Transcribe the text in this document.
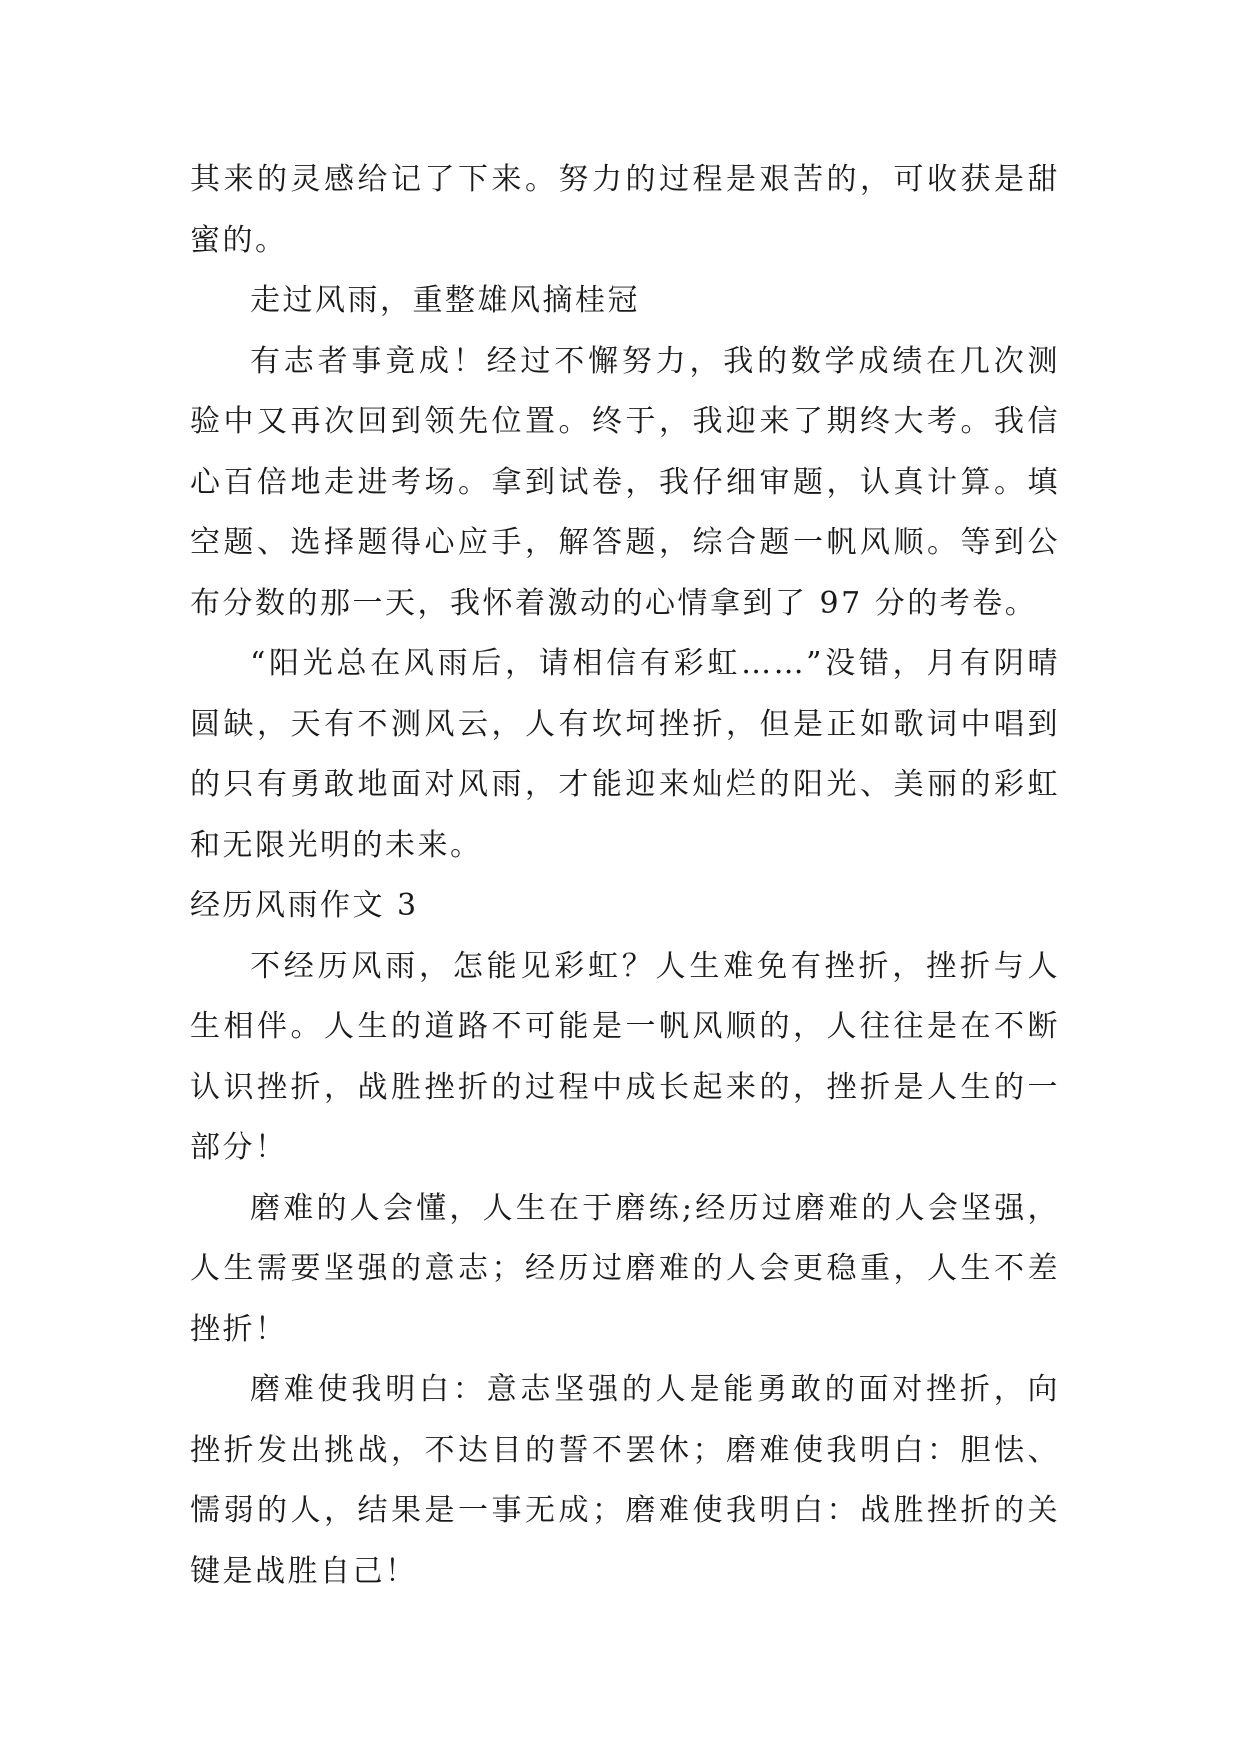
其来的灵感给记了下来。努力的过程是艰苦的，可收获是甜蜜的。

走过风雨，重整雄风摘桂冠

有志者事竟成！经过不懈努力，我的数学成绩在几次测验中又再次回到领先位置。终于，我迎来了期终大考。我信心百倍地走进考场。拿到试卷，我仔细审题，认真计算。填空题、选择题得心应手，解答题，综合题一帆风顺。等到公布分数的那一天，我怀着激动的心情拿到了 97 分的考卷。

“阳光总在风雨后，请相信有彩虹……”没错，月有阴晴圆缺，天有不测风云，人有坎坷挫折，但是正如歌词中唱到的只有勇敢地面对风雨，才能迎来灿烂的阳光、美丽的彩虹和无限光明的未来。

经历风雨作文 3

不经历风雨，怎能见彩虹？人生难免有挫折，挫折与人生相伴。人生的道路不可能是一帆风顺的，人往往是在不断认识挫折，战胜挫折的过程中成长起来的，挫折是人生的一部分！

磨难的人会懂，人生在于磨练;经历过磨难的人会坚强，人生需要坚强的意志；经历过磨难的人会更稳重，人生不差挫折！

磨难使我明白：意志坚强的人是能勇敢的面对挫折，向挫折发出挑战，不达目的誓不罢休；磨难使我明白：胆怯、懦弱的人，结果是一事无成；磨难使我明白：战胜挫折的关键是战胜自己！
